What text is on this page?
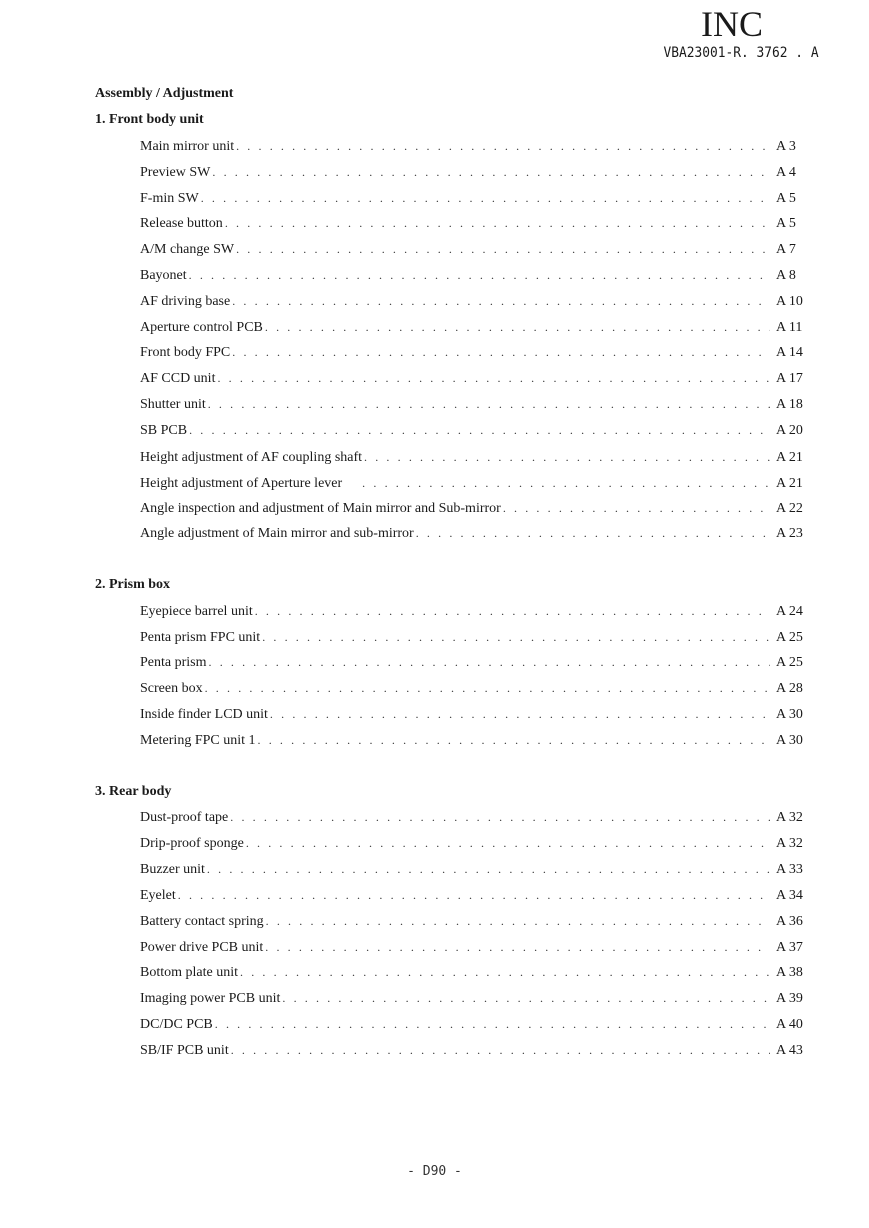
INC
VBA23001-R. 3762 . A
Assembly / Adjustment
1. Front body unit
Main mirror unit . . .	A 3
Preview SW . . .	A 4
F-min SW . . .	A 5
Release button . . .	A 5
A/M change SW . . .	A 7
Bayonet . . .	A 8
AF driving base . . .	A 10
Aperture control PCB . . .	A 11
Front body FPC . . .	A 14
AF CCD unit . . .	A 17
Shutter unit . . .	A 18
SB PCB . . .	A 20
Height adjustment of AF coupling shaft . . .	A 21
Height adjustment of Aperture lever . . .	A 21
Angle inspection and adjustment of Main mirror and Sub-mirror . . .	A 22
Angle adjustment of Main mirror and sub-mirror . . .	A 23
2. Prism box
Eyepiece barrel unit . . .	A 24
Penta prism FPC unit . . .	A 25
Penta prism . . .	A 25
Screen box . . .	A 28
Inside finder LCD unit . . .	A 30
Metering FPC unit 1 . . .	A 30
3. Rear body
Dust-proof tape . . .	A 32
Drip-proof sponge . . .	A 32
Buzzer unit . . .	A 33
Eyelet . . .	A 34
Battery contact spring . . .	A 36
Power drive PCB unit . . .	A 37
Bottom plate unit . . .	A 38
Imaging power PCB unit . . .	A 39
DC/DC PCB . . .	A 40
SB/IF PCB unit . . .	A 43
- D90 -
